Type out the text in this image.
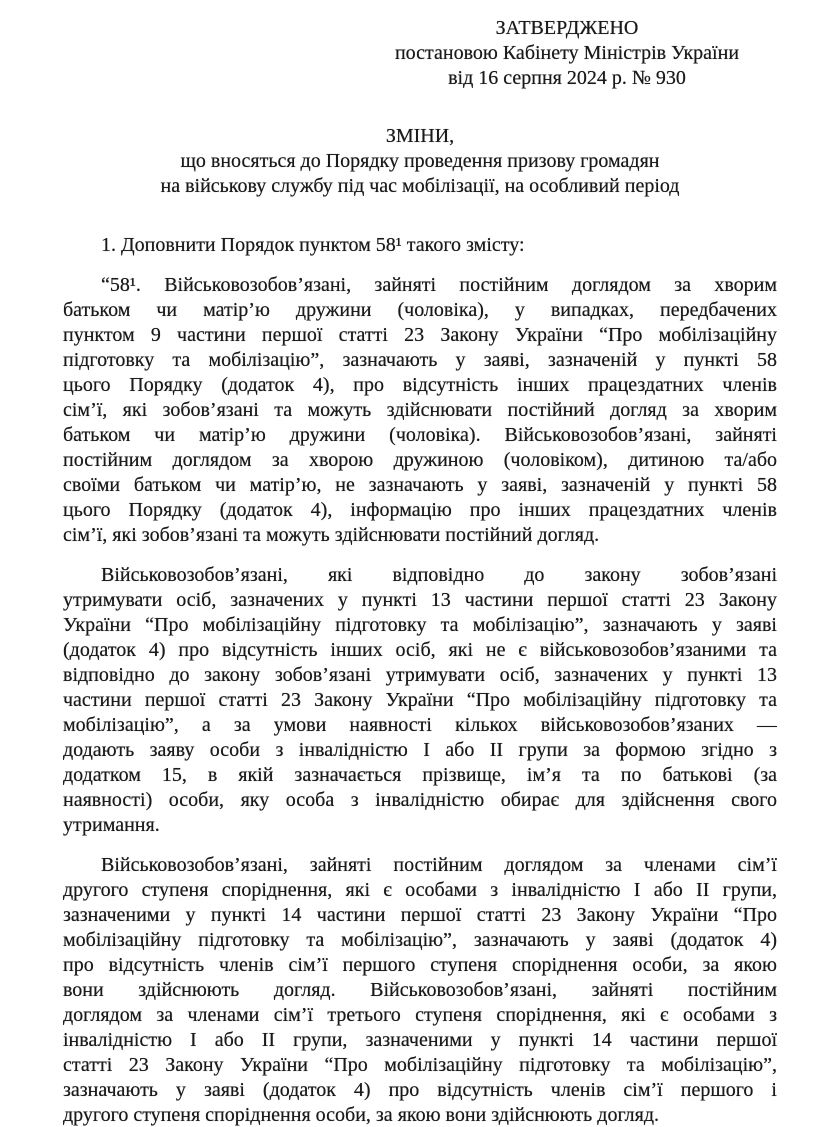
ЗАТВЕРДЖЕНО
постановою Кабінету Міністрів України
від 16 серпня 2024 р. № 930
ЗМІНИ,
що вносяться до Порядку проведення призову громадян
на військову службу під час мобілізації, на особливий період
1. Доповнити Порядок пунктом 58¹ такого змісту:
“58¹. Військовозобов’язані, зайняті постійним доглядом за хворим
батьком чи матір’ю дружини (чоловіка), у випадках, передбачених
пунктом 9 частини першої статті 23 Закону України “Про мобілізаційну
підготовку та мобілізацію”, зазначають у заяві, зазначеній у пункті 58
цього Порядку (додаток 4), про відсутність інших працездатних членів
сім’ї, які зобов’язані та можуть здійснювати постійний догляд за хворим
батьком чи матір’ю дружини (чоловіка). Військовозобов’язані, зайняті
постійним доглядом за хворою дружиною (чоловіком), дитиною та/або
своїми батьком чи матір’ю, не зазначають у заяві, зазначеній у пункті 58
цього Порядку (додаток 4), інформацію про інших працездатних членів
сім’ї, які зобов’язані та можуть здійснювати постійний догляд.
Військовозобов’язані, які відповідно до закону зобов’язані
утримувати осіб, зазначених у пункті 13 частини першої статті 23 Закону
України “Про мобілізаційну підготовку та мобілізацію”, зазначають у заяві
(додаток 4) про відсутність інших осіб, які не є військовозобов’язаними та
відповідно до закону зобов’язані утримувати осіб, зазначених у пункті 13
частини першої статті 23 Закону України “Про мобілізаційну підготовку та
мобілізацію”, а за умови наявності кількох військовозобов’язаних —
додають заяву особи з інвалідністю І або ІІ групи за формою згідно з
додатком 15, в якій зазначається прізвище, ім’я та по батькові (за
наявності) особи, яку особа з інвалідністю обирає для здійснення свого
утримання.
Військовозобов’язані, зайняті постійним доглядом за членами сім’ї
другого ступеня споріднення, які є особами з інвалідністю І або ІІ групи,
зазначеними у пункті 14 частини першої статті 23 Закону України “Про
мобілізаційну підготовку та мобілізацію”, зазначають у заяві (додаток 4)
про відсутність членів сім’ї першого ступеня споріднення особи, за якою
вони здійснюють догляд. Військовозобов’язані, зайняті постійним
доглядом за членами сім’ї третього ступеня споріднення, які є особами з
інвалідністю І або ІІ групи, зазначеними у пункті 14 частини першої
статті 23 Закону України “Про мобілізаційну підготовку та мобілізацію”,
зазначають у заяві (додаток 4) про відсутність членів сім’ї першого і
другого ступеня споріднення особи, за якою вони здійснюють догляд.
